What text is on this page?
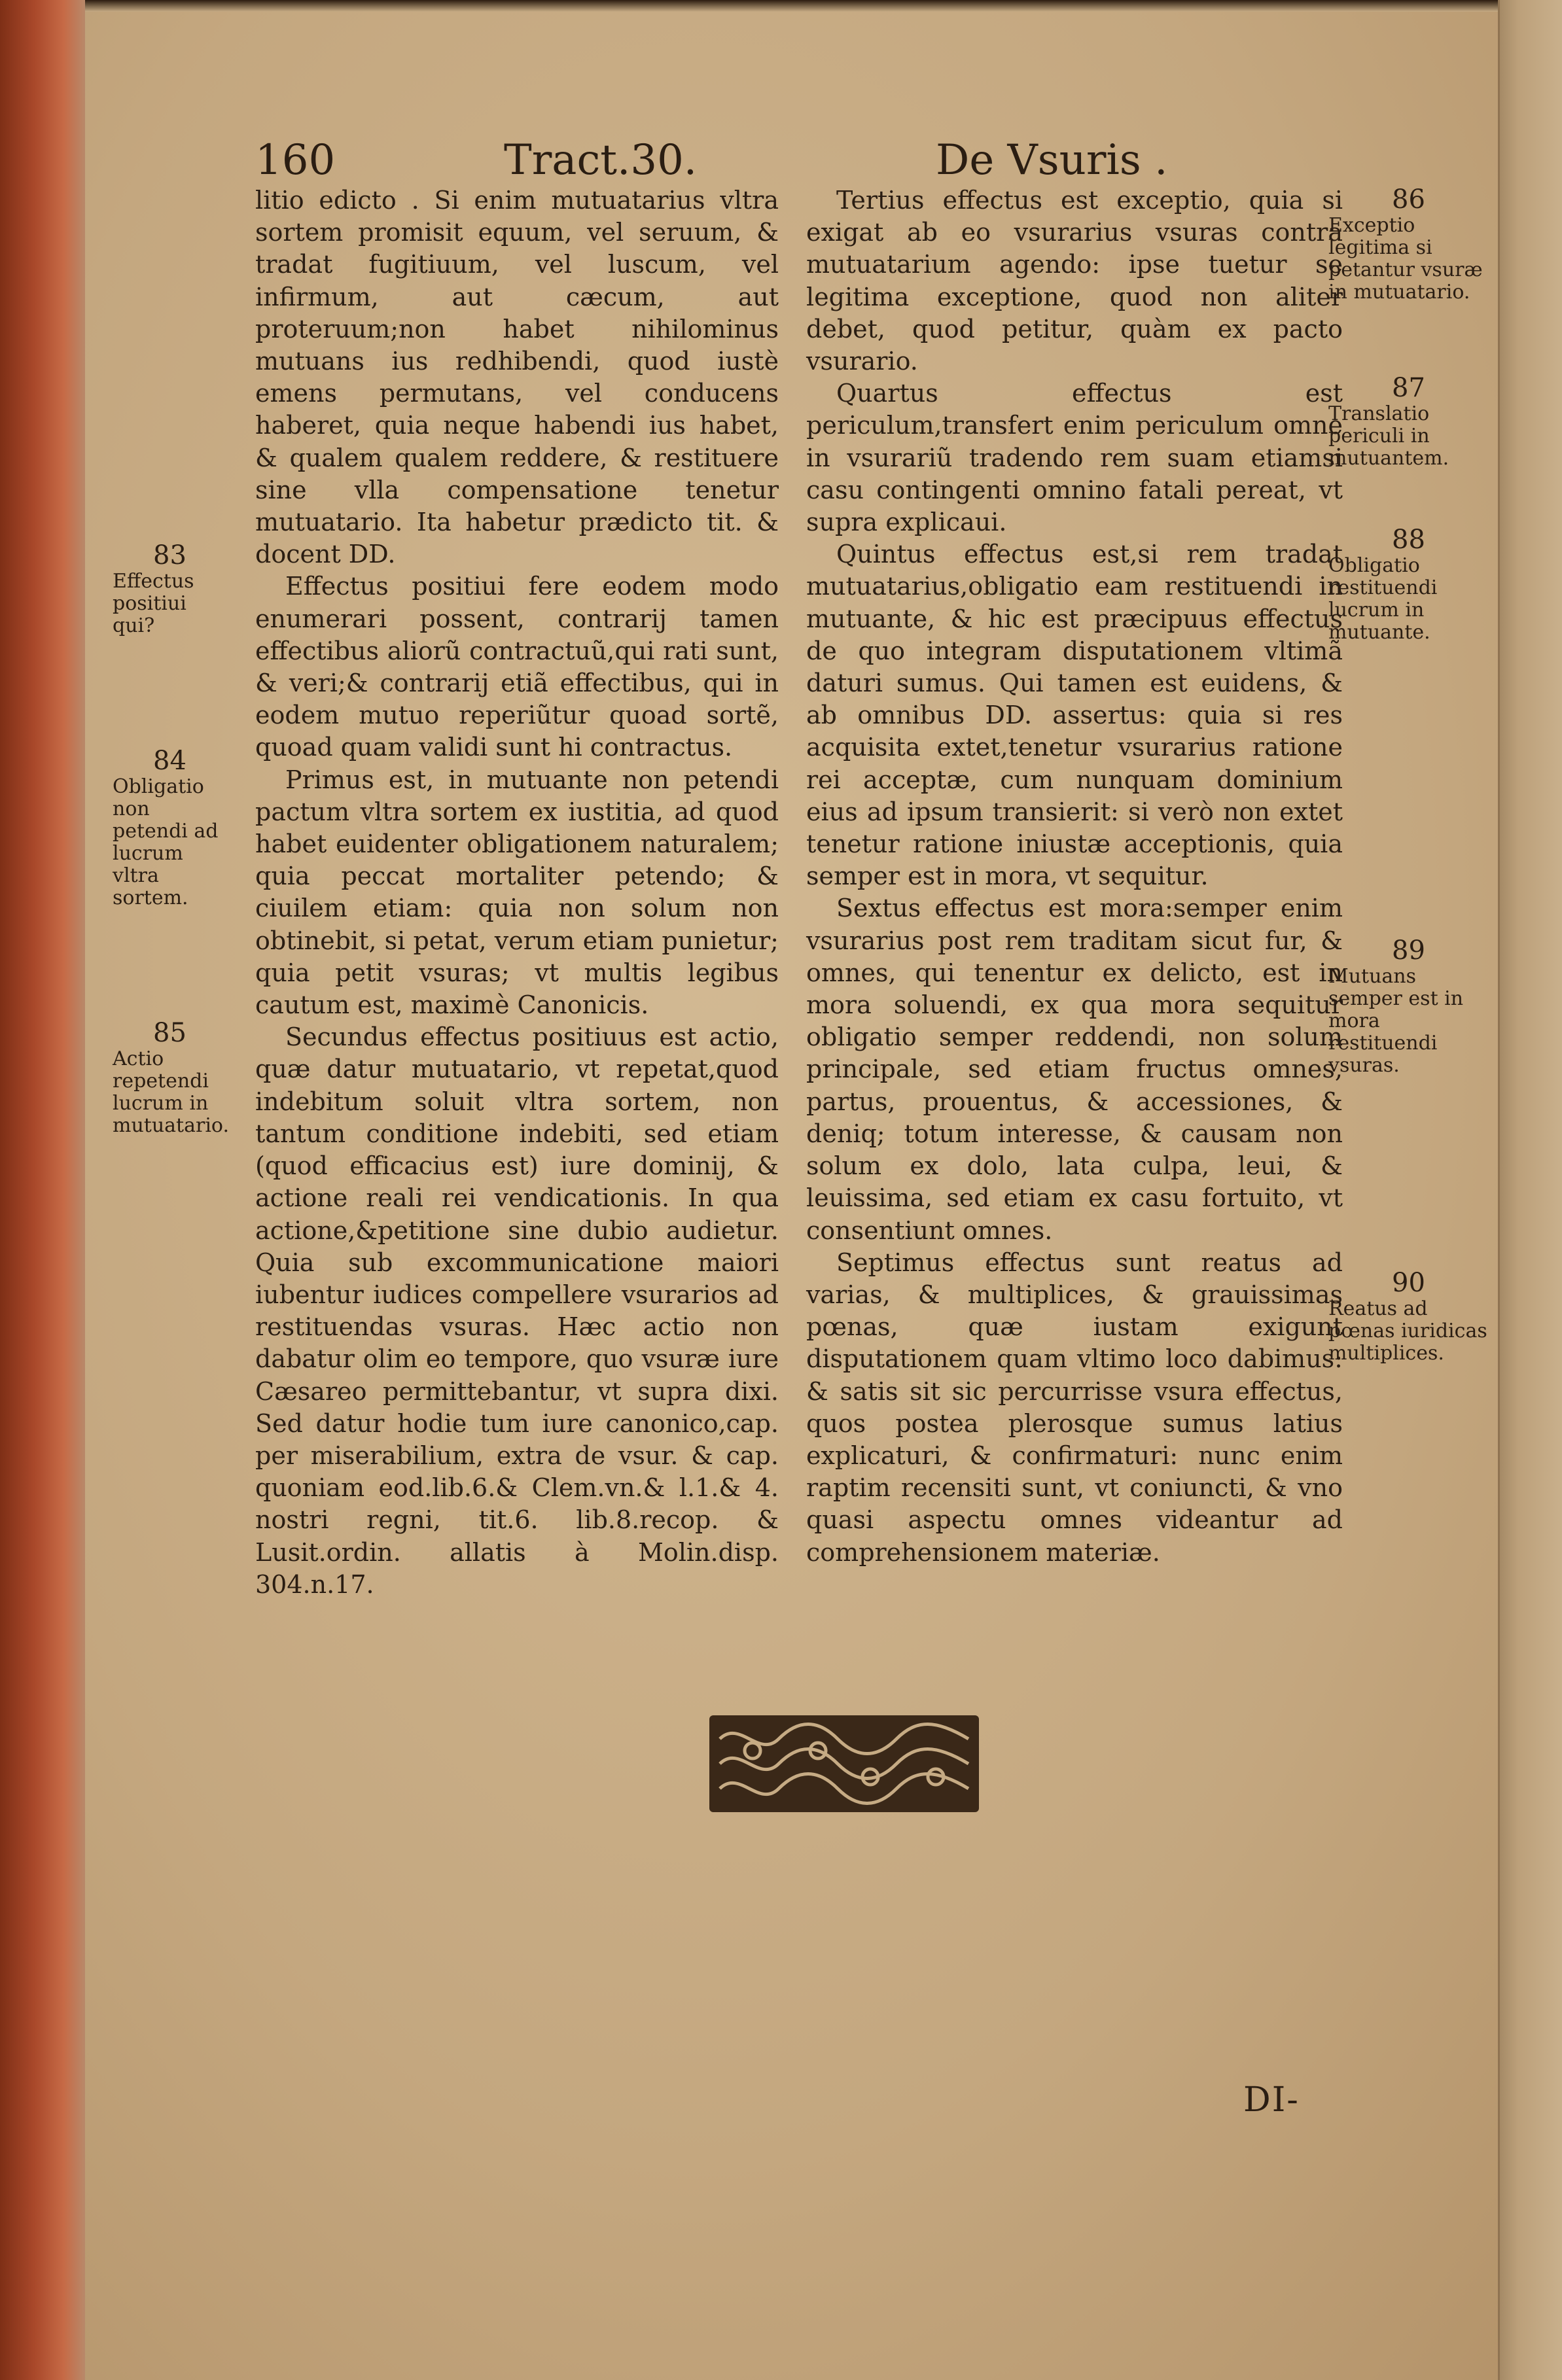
160	Tract.30.	De Vsuris .

litio edicto . Si enim mutuatarius vltra sortem promisit equum, vel seruum, & tradat fugitiuum, vel luscum, vel infirmum, aut cæcum, aut proteruum;non habet nihilominus mutuans ius redhibendi, quod iustè emens permutans, vel conducens haberet, quia neque habendi ius habet, & qualem qualem reddere, & restituere sine vlla compensatione tenetur mutuatario. Ita habetur prædicto tit. & docent DD.

Effectus positiui fere eodem modo enumerari possent, contrarij tamen effectibus aliorũ contractuũ,qui rati sunt, & veri;& contrarij etiã effectibus, qui in eodem mutuo reperiũtur quoad sortẽ, quoad quam validi sunt hi contractus.

Primus est, in mutuante non petendi pactum vltra sortem ex iustitia, ad quod habet euidenter obligationem naturalem; quia peccat mortaliter petendo; & ciuilem etiam: quia non solum non obtinebit, si petat, verum etiam punietur; quia petit vsuras; vt multis legibus cautum est, maximè Canonicis.

Secundus effectus positiuus est actio, quæ datur mutuatario, vt repetat,quod indebitum soluit vltra sortem, non tantum conditione indebiti, sed etiam (quod efficacius est) iure dominij, & actione reali rei vendicationis. In qua actione,&petitione sine dubio audietur. Quia sub excommunicatione maiori iubentur iudices compellere vsurarios ad restituendas vsuras. Hæc actio non dabatur olim eo tempore, quo vsuræ iure Cæsareo permittebantur, vt supra dixi. Sed datur hodie tum iure canonico,cap. per miserabilium, extra de vsur. & cap. quoniam eod.lib.6.& Clem.vn.& l.1.& 4. nostri regni, tit.6. lib.8.recop. & Lusit.ordin. allatis à Molin.disp. 304.n.17.

Tertius effectus est exceptio, quia si exigat ab eo vsurarius vsuras contra mutuatarium agendo: ipse tuetur se legitima exceptione, quod non aliter debet, quod petitur, quàm ex pacto vsurario.

Quartus effectus est periculum,transfert enim periculum omne in vsurariũ tradendo rem suam etiamsi casu contingenti omnino fatali pereat, vt supra explicaui.

Quintus effectus est,si rem tradat mutuatarius,obligatio eam restituendi in mutuante, & hic est præcipuus effectus de quo integram disputationem vltimã daturi sumus. Qui tamen est euidens, & ab omnibus DD. assertus: quia si res acquisita extet,tenetur vsurarius ratione rei acceptæ, cum nunquam dominium eius ad ipsum transierit: si verò non extet tenetur ratione iniustæ acceptionis, quia semper est in mora, vt sequitur.

Sextus effectus est mora:semper enim vsurarius post rem traditam sicut fur, & omnes, qui tenentur ex delicto, est in mora soluendi, ex qua mora sequitur obligatio semper reddendi, non solum principale, sed etiam fructus omnes, partus, prouentus, & accessiones, & deniq; totum interesse, & causam non solum ex dolo, lata culpa, leui, & leuissima, sed etiam ex casu fortuito, vt consentiunt omnes.

Septimus effectus sunt reatus ad varias, & multiplices, & grauissimas pœnas, quæ iustam exigunt disputationem quam vltimo loco dabimus: & satis sit sic percurrisse vsura effectus, quos postea plerosque sumus latius explicaturi, & confirmaturi: nunc enim raptim recensiti sunt, vt coniuncti, & vno quasi aspectu omnes videantur ad comprehensionem materiæ.

83
Effectus positiui qui?
84
Obligatio non petendi ad lucrum vltra sortem.
85
Actio repetendi lucrum in mutuatario.
86
Exceptio legitima si petantur vsuræ in mutuatario.
87
Translatio periculi in mutuantem.
88
Obligatio restituendi lucrum in mutuante.
89
Mutuans semper est in mora restituendi vsuras.
90
Reatus ad pœnas iuridicas multiplices.
DI-
